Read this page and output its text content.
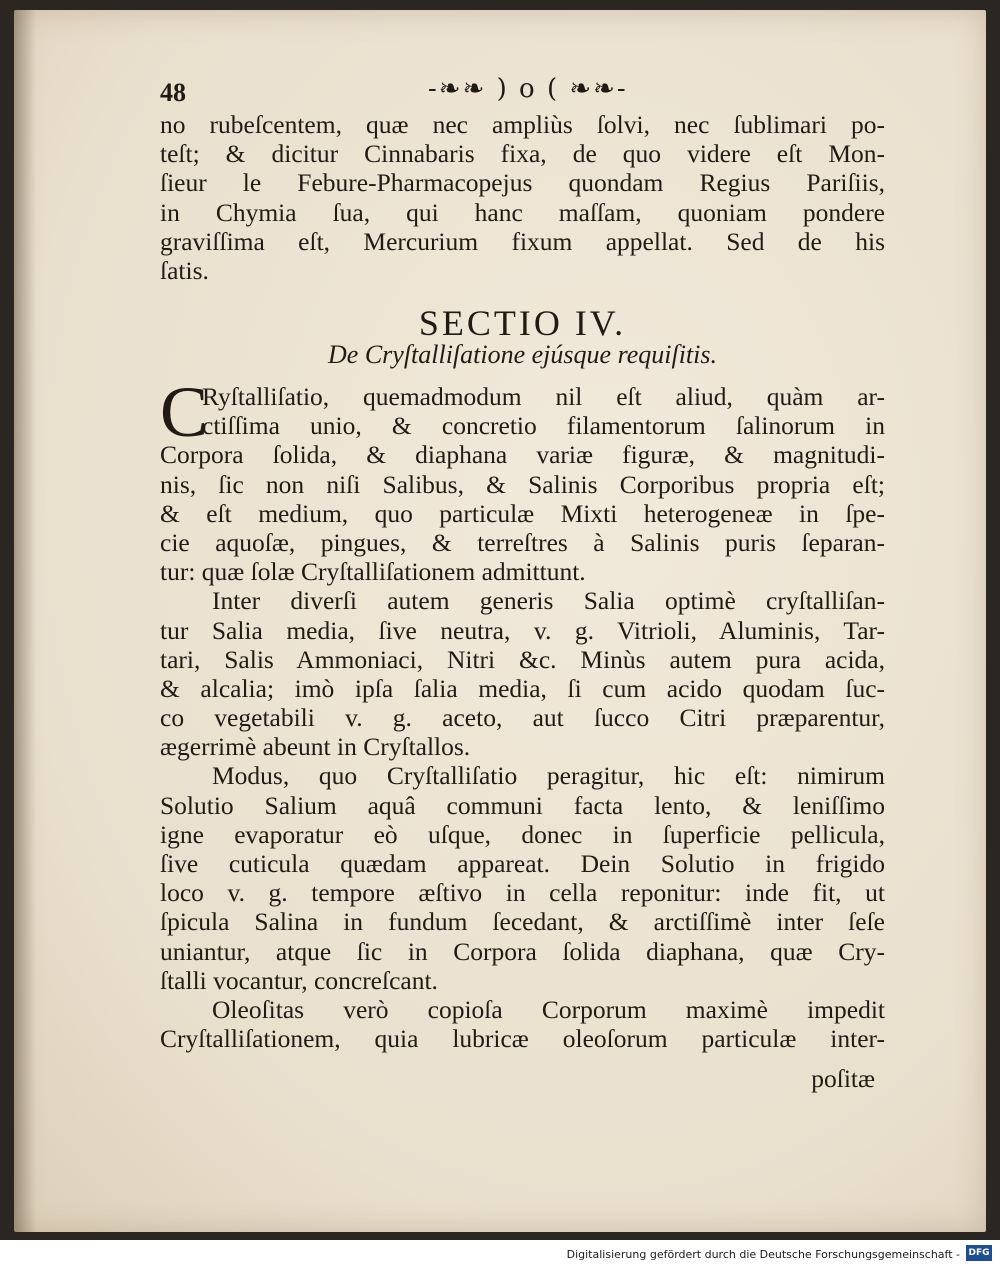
48	-❧❧ ) o ( ❧❧-
no rubeſcentem, quæ nec ampliùs ſolvi, nec ſublimari po-
teſt; & dicitur Cinnabaris fixa, de quo videre eſt Mon-
ſieur le Febure-Pharmacopejus quondam Regius Pariſiis,
in Chymia ſua, qui hanc maſſam, quoniam pondere
graviſſima eſt, Mercurium fixum appellat. Sed de his
ſatis.
SECTIO IV.
De Cryſtalliſatione ejúsque requiſitis.
C
Ryſtalliſatio, quemadmodum nil eſt aliud, quàm ar-
ctiſſima unio, & concretio filamentorum ſalinorum in
Corpora ſolida, & diaphana variæ figuræ, & magnitudi-
nis, ſic non niſi Salibus, & Salinis Corporibus propria eſt;
& eſt medium, quo particulæ Mixti heterogeneæ in ſpe-
cie aquoſæ, pingues, & terreſtres à Salinis puris ſeparan-
tur: quæ ſolæ Cryſtalliſationem admittunt.
Inter diverſi autem generis Salia optimè cryſtalliſan-
tur Salia media, ſive neutra, v. g. Vitrioli, Aluminis, Tar-
tari, Salis Ammoniaci, Nitri &c. Minùs autem pura acida,
& alcalia; imò ipſa ſalia media, ſi cum acido quodam ſuc-
co vegetabili v. g. aceto, aut ſucco Citri præparentur,
ægerrimè abeunt in Cryſtallos.
Modus, quo Cryſtalliſatio peragitur, hic eſt: nimirum
Solutio Salium aquâ communi facta lento, & leniſſimo
igne evaporatur eò uſque, donec in ſuperficie pellicula,
ſive cuticula quædam appareat. Dein Solutio in frigido
loco v. g. tempore æſtivo in cella reponitur: inde fit, ut
ſpicula Salina in fundum ſecedant, & arctiſſimè inter ſeſe
uniantur, atque ſic in Corpora ſolida diaphana, quæ Cry-
ſtalli vocantur, concreſcant.
Oleoſitas verò copioſa Corporum maximè impedit
Cryſtalliſationem, quia lubricæ oleoſorum particulæ inter-
poſitæ
Digitalisierung gefördert durch die Deutsche Forschungsgemeinschaft - DFG
